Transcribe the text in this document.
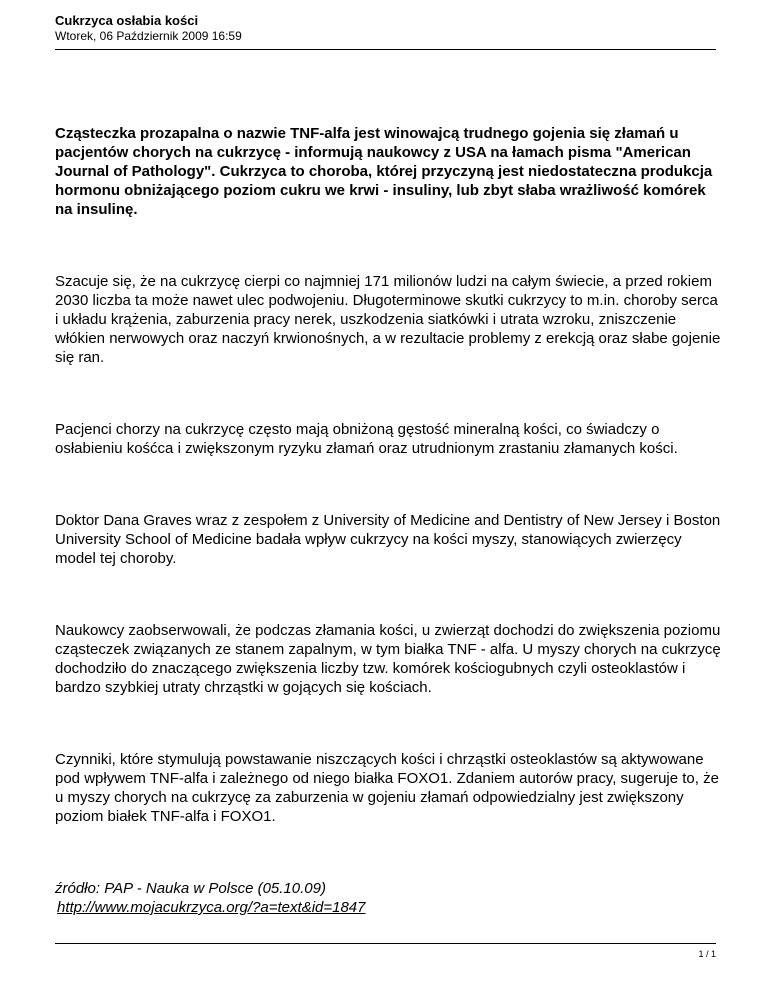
Cukrzyca osłabia kości
Wtorek, 06 Październik 2009 16:59

Cząsteczka prozapalna o nazwie TNF-alfa jest winowajcą trudnego gojenia się złamań u pacjentów chorych na cukrzycę - informują naukowcy z USA na łamach pisma "American Journal of Pathology". Cukrzyca to choroba, której przyczyną jest niedostateczna produkcja hormonu obniżającego poziom cukru we krwi - insuliny, lub zbyt słaba wrażliwość komórek na insulinę.

Szacuje się, że na cukrzycę cierpi co najmniej 171 milionów ludzi na całym świecie, a przed rokiem 2030 liczba ta może nawet ulec podwojeniu. Długoterminowe skutki cukrzycy to m.in. choroby serca i układu krążenia, zaburzenia pracy nerek, uszkodzenia siatkówki i utrata wzroku, zniszczenie włókien nerwowych oraz naczyń krwionośnych, a w rezultacie problemy z erekcją oraz słabe gojenie się ran.

Pacjenci chorzy na cukrzycę często mają obniżoną gęstość mineralną kości, co świadczy o osłabieniu kośćca i zwiększonym ryzyku złamań oraz utrudnionym zrastaniu złamanych kości.

Doktor Dana Graves wraz z zespołem z University of Medicine and Dentistry of New Jersey i Boston University School of Medicine badała wpływ cukrzycy na kości myszy, stanowiących zwierzęcy model tej choroby.

Naukowcy zaobserwowali, że podczas złamania kości, u zwierząt dochodzi do zwiększenia poziomu cząsteczek związanych ze stanem zapalnym, w tym białka TNF - alfa. U myszy chorych na cukrzycę dochodziło do znaczącego zwiększenia liczby tzw. komórek kościogubnych czyli osteoklastów i bardzo szybkiej utraty chrząstki w gojących się kościach.

Czynniki, które stymulują powstawanie niszczących kości i chrząstki osteoklastów są aktywowane pod wpływem TNF-alfa i zależnego od niego białka FOXO1. Zdaniem autorów pracy, sugeruje to, że u myszy chorych na cukrzycę za zaburzenia w gojeniu złamań odpowiedzialny jest zwiększony poziom białek TNF-alfa i FOXO1.

źródło: PAP - Nauka w Polsce (05.10.09)

http://www.mojacukrzyca.org/?a=text&id=1847
1 / 1
